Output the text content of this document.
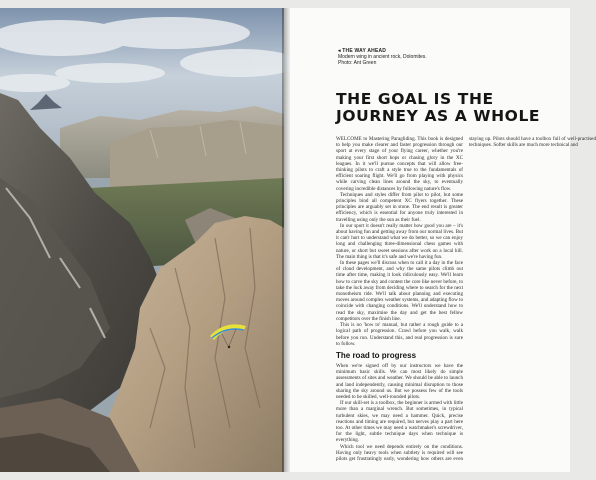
◂ THE WAY AHEAD
Modern wing in ancient rock, Dolomites.
Photo: Ant Green
THE GOAL IS THE
JOURNEY AS A WHOLE

WELCOME to Mastering Paragliding. This book is designed to help you make clearer and faster progression through our sport at every stage of your flying career, whether you're making your first short hops or chasing glory in the XC leagues. In it we'll pursue concepts that will allow free-thinking pilots to craft a style true to the fundamentals of efficient soaring flight. We'll go from playing with physics while carving clean lines around the sky, to eventually covering incredible distances by following nature's flow.

Techniques and styles differ from pilot to pilot, but some principles bind all competent XC flyers together. These principles are arguably set in stone. The end result is greater efficiency, which is essential for anyone truly interested in travelling using only the sun as their fuel.

In our sport it doesn't really matter how good you are – it's about having fun and getting away from our normal lives. But it can't hurt to understand what we do better, so we can enjoy long and challenging three-dimensional chess games with nature, or short but sweet sessions after work on a local hill. The main thing is that it's safe and we're having fun.

In these pages we'll discuss when to call it a day in the face of cloud development, and why the same pilots climb out time after time, making it look ridiculously easy. We'll learn how to carve the sky and contest the core like never before, to take the luck away from deciding where to search for the next monotheism ride. We'll talk about planning and executing moves around complex weather systems, and adapting flow to coincide with changing conditions. We'll understand how to read the sky, maximise the day and get the best fellow competitors over the finish line.

This is no 'how to' manual, but rather a rough guide to a logical path of progression. Crawl before you walk, walk before you run. Understand this, and real progression is sure to follow.

The road to progress

When we're signed off by our instructors we have the minimum basic skills. We can most likely do simple assessments of sites and weather. We should be able to launch and land independently, causing minimal disruption to those sharing the sky around us. But we possess few of the tools needed to be skilled, well-rounded pilots.

If our skill-set is a toolbox, the beginner is armed with little more than a marginal wrench. But sometimes, in typical turbulent skies, we may need a hammer. Quick, precise reactions and timing are required, but nerves play a part here too. At other times we may need a watchmaker's screwdriver, for the light, subtle technique days when technique is everything.

Which tool we need depends entirely on the conditions. Having only heavy tools when subtlety is required will see pilots get frustratingly early, wondering how others are even staying up. Pilots should have a toolbox full of well-practised techniques. Softer skills are much more technical and
